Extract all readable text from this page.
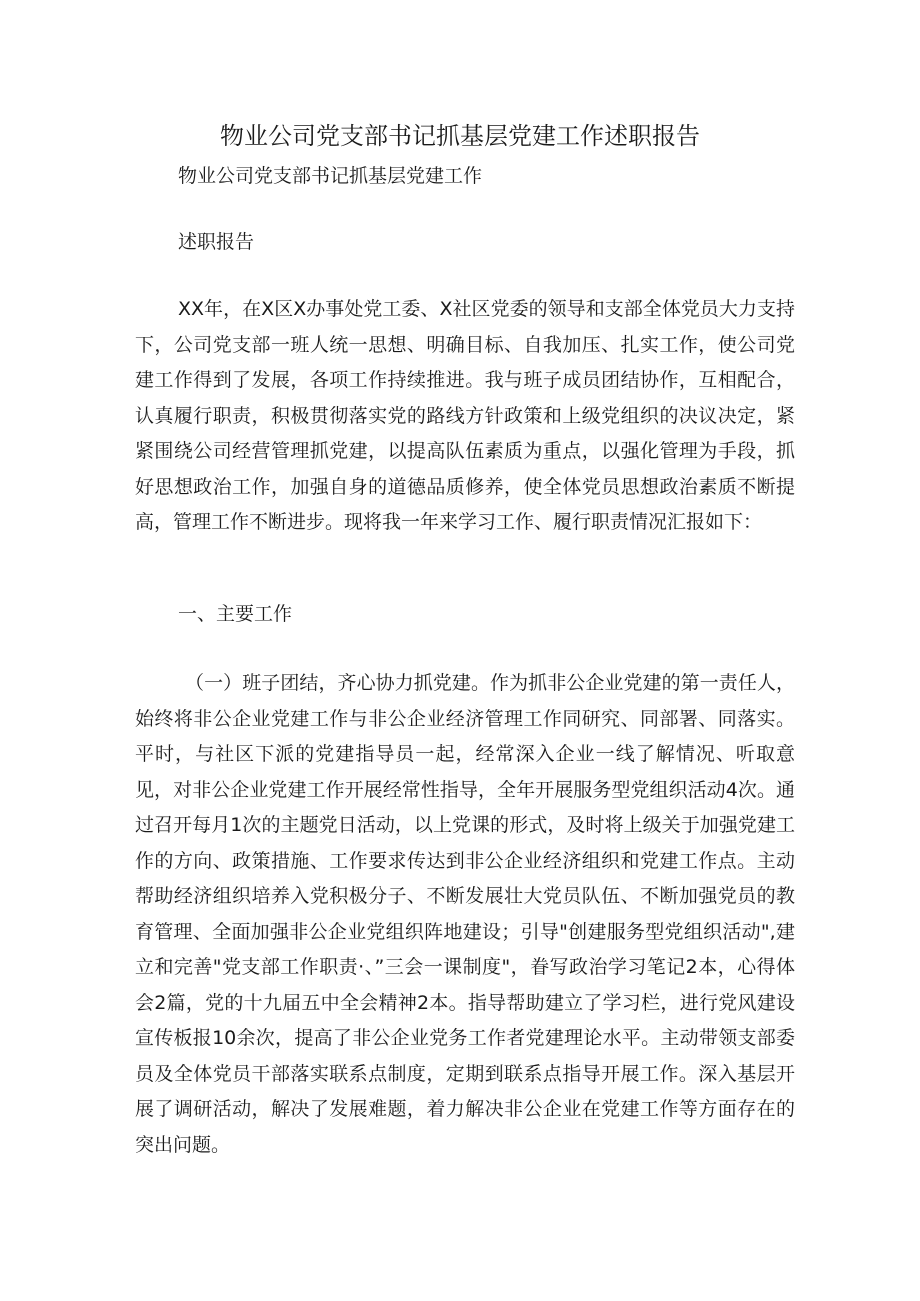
物业公司党支部书记抓基层党建工作述职报告

物业公司党支部书记抓基层党建工作

述职报告

XX年，在X区X办事处党工委、X社区党委的领导和支部全体党员大力支持下，公司党支部一班人统一思想、明确目标、自我加压、扎实工作，使公司党建工作得到了发展，各项工作持续推进。我与班子成员团结协作，互相配合，认真履行职责，积极贯彻落实党的路线方针政策和上级党组织的决议决定，紧紧围绕公司经营管理抓党建，以提高队伍素质为重点，以强化管理为手段，抓好思想政治工作，加强自身的道德品质修养，使全体党员思想政治素质不断提高，管理工作不断进步。现将我一年来学习工作、履行职责情况汇报如下：

一、主要工作

（一）班子团结，齐心协力抓党建。作为抓非公企业党建的第一责任人，始终将非公企业党建工作与非公企业经济管理工作同研究、同部署、同落实。平时，与社区下派的党建指导员一起，经常深入企业一线了解情况、听取意见，对非公企业党建工作开展经常性指导，全年开展服务型党组织活动4次。通过召开每月1次的主题党日活动，以上党课的形式，及时将上级关于加强党建工作的方向、政策措施、工作要求传达到非公企业经济组织和党建工作点。主动帮助经济组织培养入党积极分子、不断发展壮大党员队伍、不断加强党员的教育管理、全面加强非公企业党组织阵地建设；引导"创建服务型党组织活动",建立和完善"党支部工作职责·、”三会一课制度"，眷写政治学习笔记2本，心得体会2篇，党的十九届五中全会精神2本。指导帮助建立了学习栏，进行党风建设宣传板报10余次，提高了非公企业党务工作者党建理论水平。主动带领支部委员及全体党员干部落实联系点制度，定期到联系点指导开展工作。深入基层开展了调研活动，解决了发展难题，着力解决非公企业在党建工作等方面存在的突出问题。
